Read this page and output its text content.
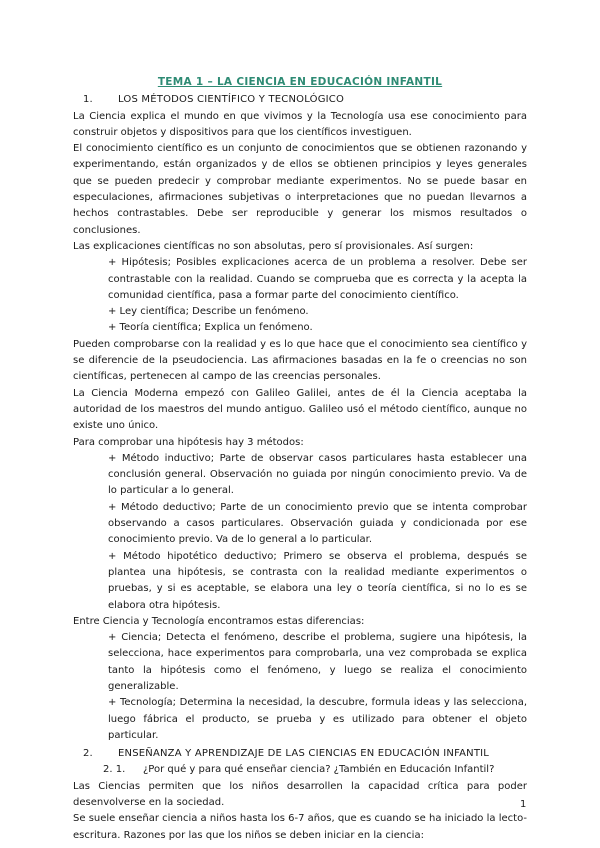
TEMA 1 – LA CIENCIA EN EDUCACIÓN INFANTIL
1.	LOS MÉTODOS CIENTÍFICO Y TECNOLÓGICO

La Ciencia explica el mundo en que vivimos y la Tecnología usa ese conocimiento para construir objetos y dispositivos para que los científicos investiguen.

El conocimiento científico es un conjunto de conocimientos que se obtienen razonando y experimentando, están organizados y de ellos se obtienen principios y leyes generales que se pueden predecir y comprobar mediante experimentos. No se puede basar en especulaciones, afirmaciones subjetivas o interpretaciones que no puedan llevarnos a hechos contrastables. Debe ser reproducible y generar los mismos resultados o conclusiones.

Las explicaciones científicas no son absolutas, pero sí provisionales. Así surgen:

+ Hipótesis; Posibles explicaciones acerca de un problema a resolver. Debe ser contrastable con la realidad. Cuando se comprueba que es correcta y la acepta la comunidad científica, pasa a formar parte del conocimiento científico.

+ Ley científica; Describe un fenómeno.

+ Teoría científica; Explica un fenómeno.

Pueden comprobarse con la realidad y es lo que hace que el conocimiento sea científico y se diferencie de la pseudociencia. Las afirmaciones basadas en la fe o creencias no son científicas, pertenecen al campo de las creencias personales.

La Ciencia Moderna empezó con Galileo Galilei, antes de él la Ciencia aceptaba la autoridad de los maestros del mundo antiguo. Galileo usó el método científico, aunque no existe uno único.

Para comprobar una hipótesis hay 3 métodos:

+ Método inductivo; Parte de observar casos particulares hasta establecer una conclusión general. Observación no guiada por ningún conocimiento previo. Va de lo particular a lo general.

+ Método deductivo; Parte de un conocimiento previo que se intenta comprobar observando a casos particulares. Observación guiada y condicionada por ese conocimiento previo. Va de lo general a lo particular.

+ Método hipotético deductivo; Primero se observa el problema, después se plantea una hipótesis, se contrasta con la realidad mediante experimentos o pruebas, y si es aceptable, se elabora una ley o teoría científica, si no lo es se elabora otra hipótesis.

Entre Ciencia y Tecnología encontramos estas diferencias:

+ Ciencia; Detecta el fenómeno, describe el problema, sugiere una hipótesis, la selecciona, hace experimentos para comprobarla, una vez comprobada se explica tanto la hipótesis como el fenómeno, y luego se realiza el conocimiento generalizable.

+ Tecnología; Determina la necesidad, la descubre, formula ideas y las selecciona, luego fábrica el producto, se prueba y es utilizado para obtener el objeto particular.

2.	ENSEÑANZA Y APRENDIZAJE DE LAS CIENCIAS EN EDUCACIÓN INFANTIL
2. 1.	¿Por qué y para qué enseñar ciencia? ¿También en Educación Infantil?

Las Ciencias permiten que los niños desarrollen la capacidad crítica para poder desenvolverse en la sociedad.

Se suele enseñar ciencia a niños hasta los 6-7 años, que es cuando se ha iniciado la lecto-escritura. Razones por las que los niños se deben iniciar en la ciencia:

1
